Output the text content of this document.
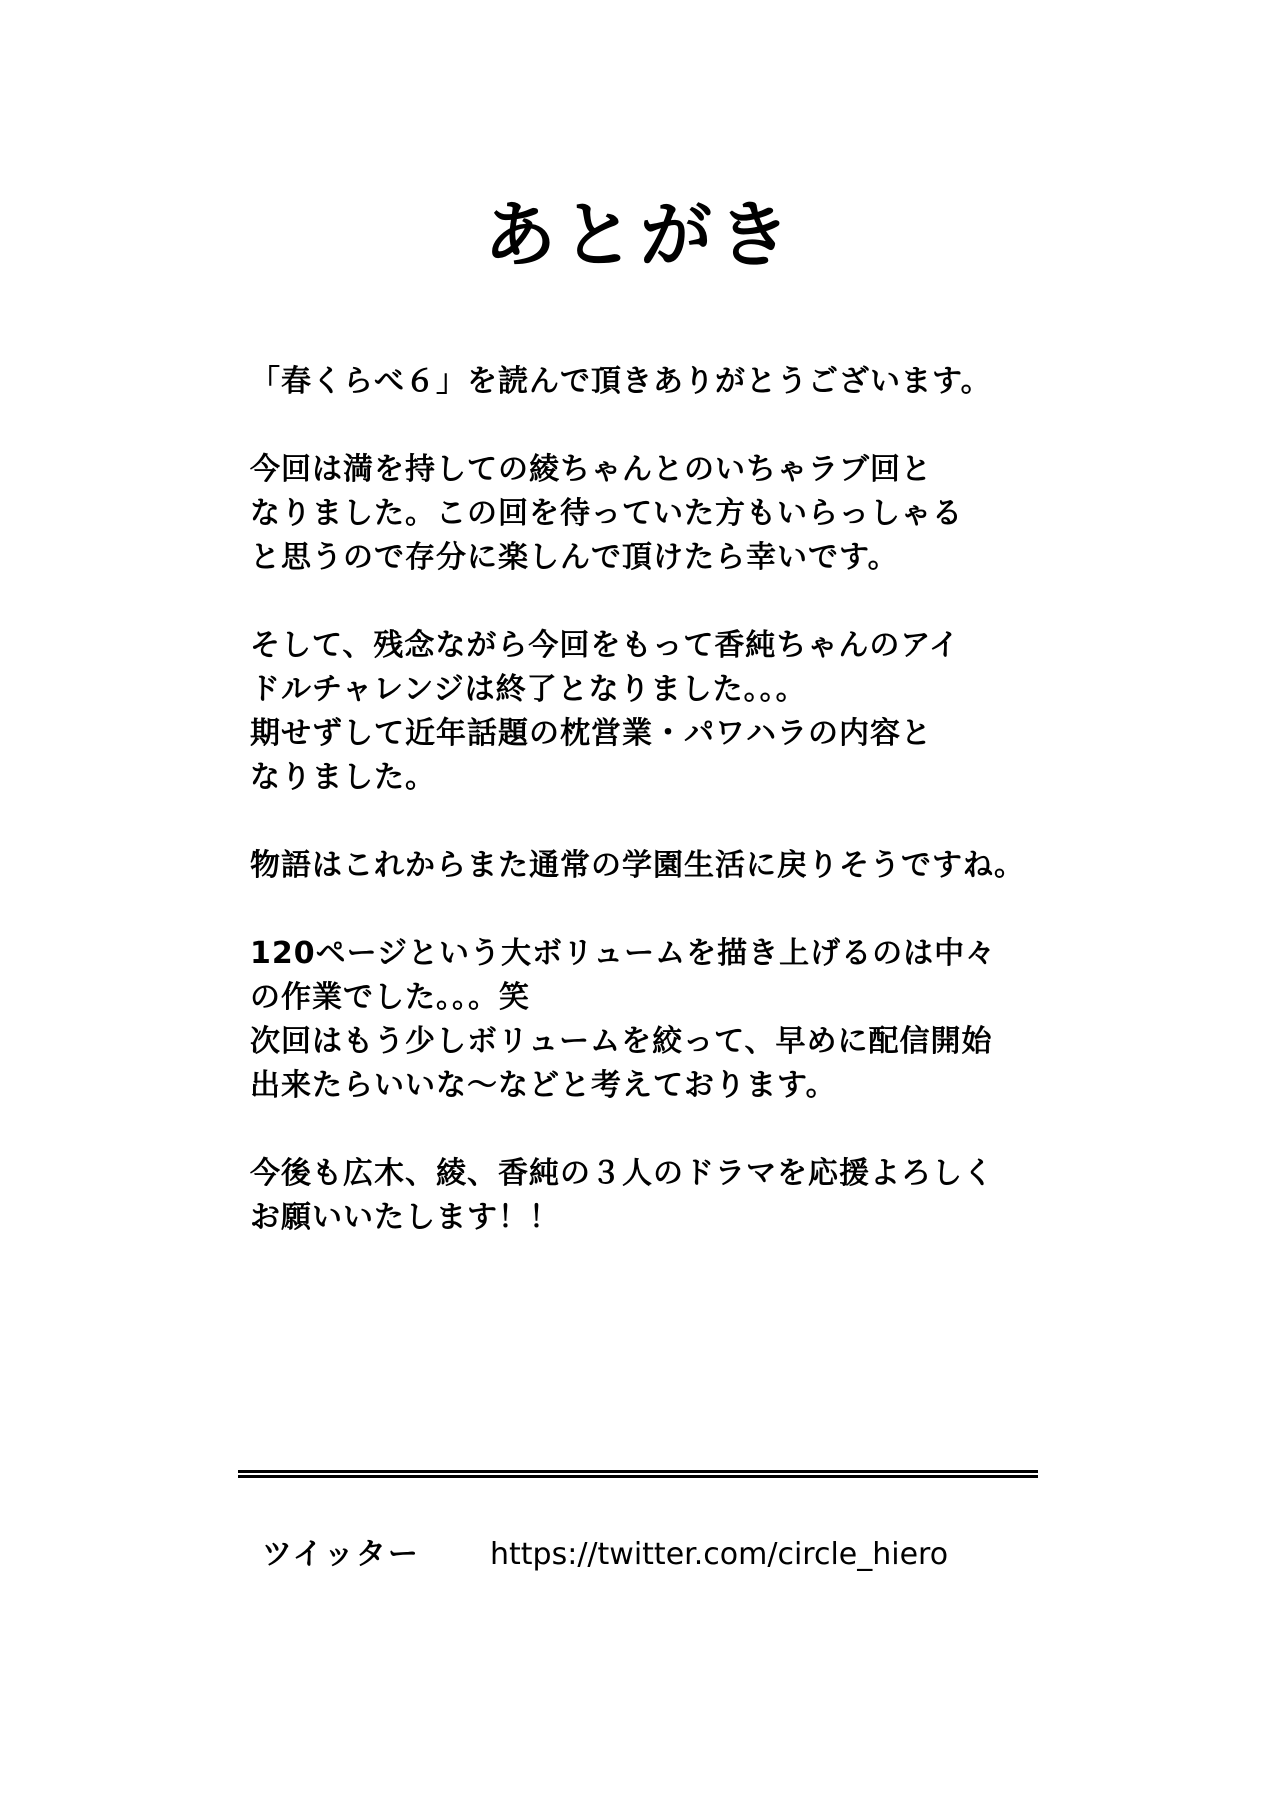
あとがき

「春くらべ６」を読んで頂きありがとうございます。

今回は満を持しての綾ちゃんとのいちゃラブ回と
なりました。この回を待っていた方もいらっしゃる
と思うので存分に楽しんで頂けたら幸いです。

そして、残念ながら今回をもって香純ちゃんのアイ
ドルチャレンジは終了となりました。。。
期せずして近年話題の枕営業・パワハラの内容と
なりました。

物語はこれからまた通常の学園生活に戻りそうですね。

120ページという大ボリュームを描き上げるのは中々
の作業でした。。。笑
次回はもう少しボリュームを絞って、早めに配信開始
出来たらいいな～などと考えております。

今後も広木、綾、香純の３人のドラマを応援よろしく
お願いいたします！！

ツイッター https://twitter.com/circle_hiero
